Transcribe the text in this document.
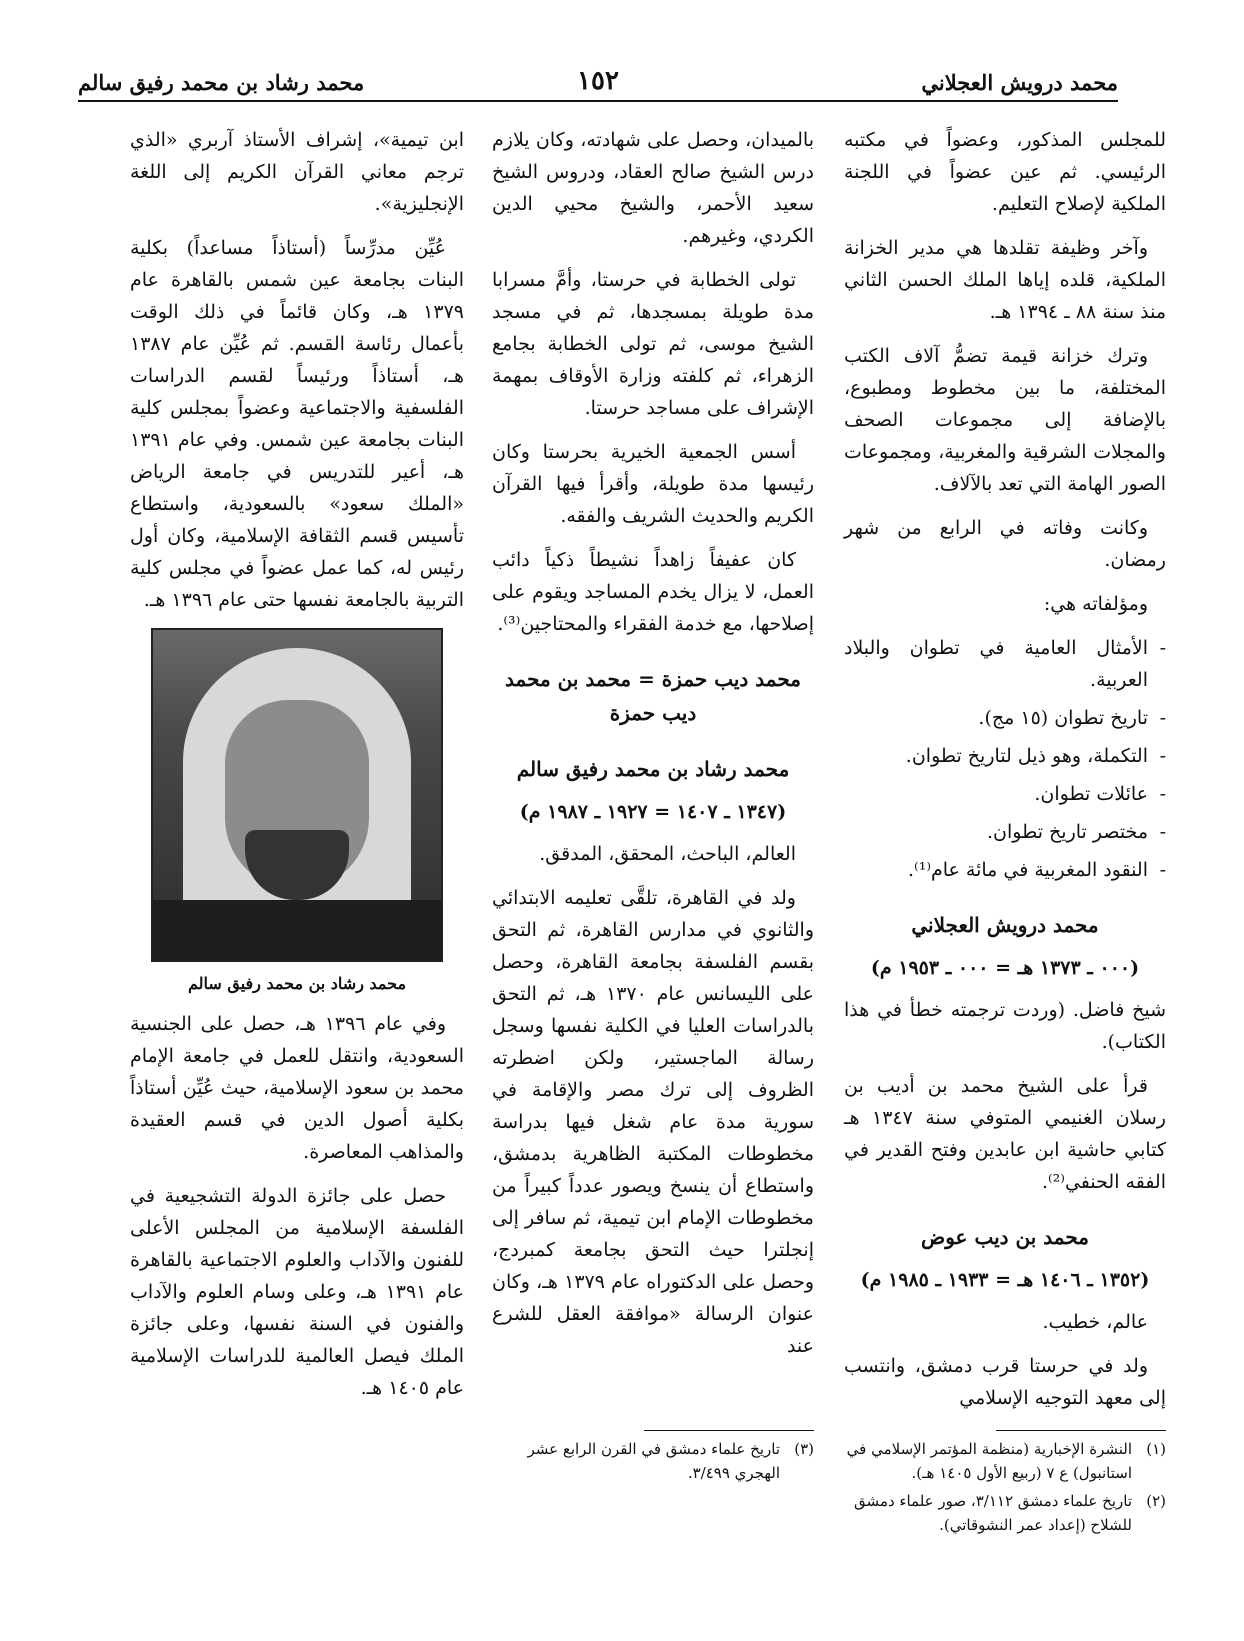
محمد درويش العجلاني
١٥٢
محمد رشاد بن محمد رفيق سالم

للمجلس المذكور، وعضواً في مكتبه الرئيسي. ثم عين عضواً في اللجنة الملكية لإصلاح التعليم.

وآخر وظيفة تقلدها هي مدير الخزانة الملكية، قلده إياها الملك الحسن الثاني منذ سنة ٨٨ ـ ١٣٩٤ هـ.

وترك خزانة قيمة تضمُّ آلاف الكتب المختلفة، ما بين مخطوط ومطبوع، بالإضافة إلى مجموعات الصحف والمجلات الشرقية والمغربية، ومجموعات الصور الهامة التي تعد بالآلاف.

وكانت وفاته في الرابع من شهر رمضان.

ومؤلفاته هي:

- الأمثال العامية في تطوان والبلاد العربية.
- تاريخ تطوان (١٥ مج).
- التكملة، وهو ذيل لتاريخ تطوان.
- عائلات تطوان.
- مختصر تاريخ تطوان.
- النقود المغربية في مائة عام⁽¹⁾.
محمد درويش العجلاني
(٠٠٠ ـ ١٣٧٣ هـ = ٠٠٠ ـ ١٩٥٣ م)

شيخ فاضل. (وردت ترجمته خطأ في هذا الكتاب).

قرأ على الشيخ محمد بن أديب بن رسلان الغنيمي المتوفي سنة ١٣٤٧ هـ كتابي حاشية ابن عابدين وفتح القدير في الفقه الحنفي⁽²⁾.

محمد بن ديب عوض
(١٣٥٢ ـ ١٤٠٦ هـ = ١٩٣٣ ـ ١٩٨٥ م)

عالم، خطيب.

ولد في حرستا قرب دمشق، وانتسب إلى معهد التوجيه الإسلامي

(١)
النشرة الإخبارية (منظمة المؤتمر الإسلامي في استانبول) ع ٧ (ربيع الأول ١٤٠٥ هـ).
(٢)
تاريخ علماء دمشق ٣/١١٢، صور علماء دمشق للشلاح (إعداد عمر النشوقاتي).

بالميدان، وحصل على شهادته، وكان يلازم درس الشيخ صالح العقاد، ودروس الشيخ سعيد الأحمر، والشيخ محيي الدين الكردي، وغيرهم.

تولى الخطابة في حرستا، وأمَّ مسرابا مدة طويلة بمسجدها، ثم في مسجد الشيخ موسى، ثم تولى الخطابة بجامع الزهراء، ثم كلفته وزارة الأوقاف بمهمة الإشراف على مساجد حرستا.

أسس الجمعية الخيرية بحرستا وكان رئيسها مدة طويلة، وأقرأ فيها القرآن الكريم والحديث الشريف والفقه.

كان عفيفاً زاهداً نشيطاً ذكياً دائب العمل، لا يزال يخدم المساجد ويقوم على إصلاحها، مع خدمة الفقراء والمحتاجين⁽³⁾.

محمد ديب حمزة = محمد بن محمد ديب حمزة
محمد رشاد بن محمد رفيق سالم
(١٣٤٧ ـ ١٤٠٧ = ١٩٢٧ ـ ١٩٨٧ م)

العالم، الباحث، المحقق، المدقق.

ولد في القاهرة، تلقَّى تعليمه الابتدائي والثانوي في مدارس القاهرة، ثم التحق بقسم الفلسفة بجامعة القاهرة، وحصل على الليسانس عام ١٣٧٠ هـ، ثم التحق بالدراسات العليا في الكلية نفسها وسجل رسالة الماجستير، ولكن اضطرته الظروف إلى ترك مصر والإقامة في سورية مدة عام شغل فيها بدراسة مخطوطات المكتبة الظاهرية بدمشق، واستطاع أن ينسخ ويصور عدداً كبيراً من مخطوطات الإمام ابن تيمية، ثم سافر إلى إنجلترا حيث التحق بجامعة كمبردج، وحصل على الدكتوراه عام ١٣٧٩ هـ، وكان عنوان الرسالة «موافقة العقل للشرع عند

(٣)
تاريخ علماء دمشق في القرن الرابع عشر الهجري ٣/٤٩٩.

ابن تيمية»، إشراف الأستاذ آربري «الذي ترجم معاني القرآن الكريم إلى اللغة الإنجليزية».

عُيِّن مدرِّساً (أستاذاً مساعداً) بكلية البنات بجامعة عين شمس بالقاهرة عام ١٣٧٩ هـ، وكان قائماً في ذلك الوقت بأعمال رئاسة القسم. ثم عُيِّن عام ١٣٨٧ هـ، أستاذاً ورئيساً لقسم الدراسات الفلسفية والاجتماعية وعضواً بمجلس كلية البنات بجامعة عين شمس. وفي عام ١٣٩١ هـ، أعير للتدريس في جامعة الرياض «الملك سعود» بالسعودية، واستطاع تأسيس قسم الثقافة الإسلامية، وكان أول رئيس له، كما عمل عضواً في مجلس كلية التربية بالجامعة نفسها حتى عام ١٣٩٦ هـ.

محمد رشاد بن محمد رفيق سالم

وفي عام ١٣٩٦ هـ، حصل على الجنسية السعودية، وانتقل للعمل في جامعة الإمام محمد بن سعود الإسلامية، حيث عُيِّن أستاذاً بكلية أصول الدين في قسم العقيدة والمذاهب المعاصرة.

حصل على جائزة الدولة التشجيعية في الفلسفة الإسلامية من المجلس الأعلى للفنون والآداب والعلوم الاجتماعية بالقاهرة عام ١٣٩١ هـ، وعلى وسام العلوم والآداب والفنون في السنة نفسها، وعلى جائزة الملك فيصل العالمية للدراسات الإسلامية عام ١٤٠٥ هـ.
